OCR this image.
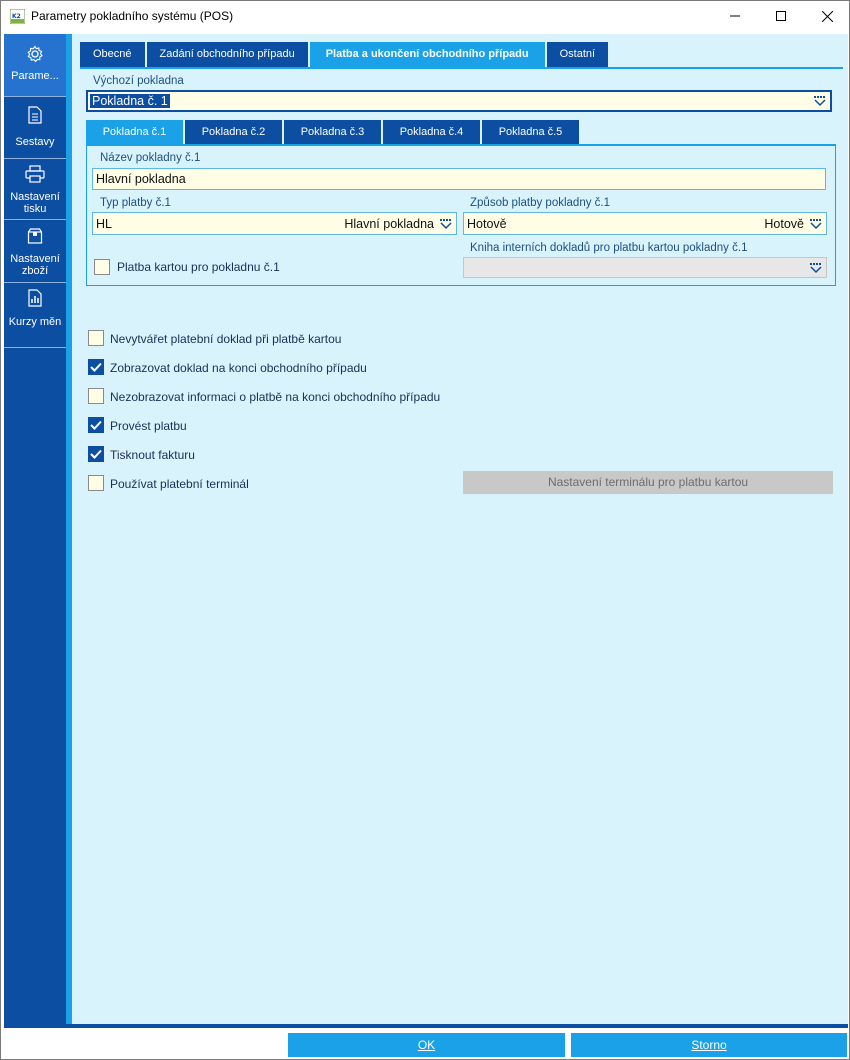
K2 Parametry pokladního systému (POS)
Parame...
Sestavy
Nastavení tisku
Nastavení zboží
Kurzy měn
Obecné	Zadání obchodního případu	Platba a ukončení obchodního případu	Ostatní
Výchozí pokladna
Pokladna č. 1
Pokladna č.1	Pokladna č.2	Pokladna č.3	Pokladna č.4	Pokladna č.5
Název pokladny č.1
Hlavní pokladna
Typ platby č.1
HL	Hlavní pokladna
Způsob platby pokladny č.1
Hotově	Hotově
Kniha interních dokladů pro platbu kartou pokladny č.1
Platba kartou pro pokladnu č.1
Nevytvářet platební doklad při platbě kartou
Zobrazovat doklad na konci obchodního případu
Nezobrazovat informaci o platbě na konci obchodního případu
Provést platbu
Tisknout fakturu
Používat platební terminál	Nastavení terminálu pro platbu kartou
OK	Storno
